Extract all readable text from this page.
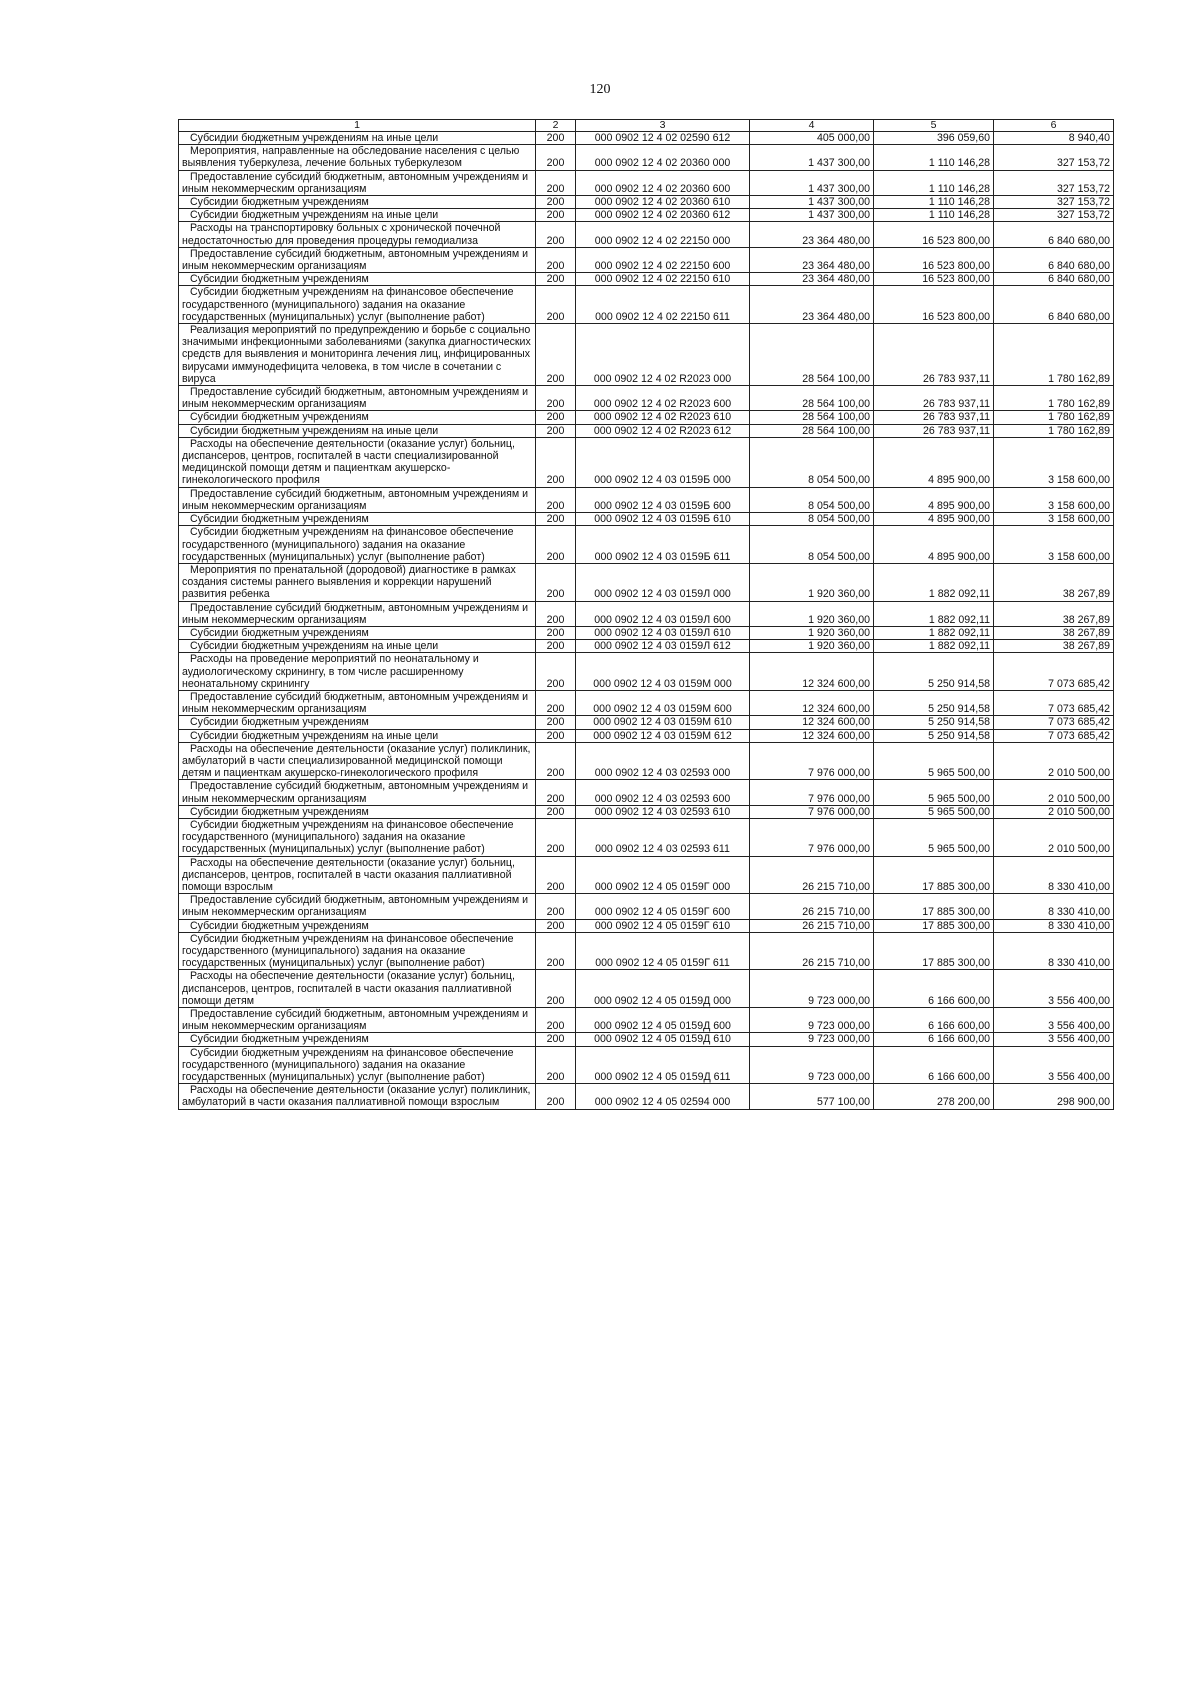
120
1	2	3	4	5	6

Субсидии бюджетным учреждениям на иные цели	200	000 0902 12 4 02 02590 612	405 000,00	396 059,60	8 940,40

Мероприятия, направленные на обследование населения с целью выявления туберкулеза, лечение больных туберкулезом	200	000 0902 12 4 02 20360 000	1 437 300,00	1 110 146,28	327 153,72

Предоставление субсидий бюджетным, автономным учреждениям и иным некоммерческим организациям	200	000 0902 12 4 02 20360 600	1 437 300,00	1 110 146,28	327 153,72

Субсидии бюджетным учреждениям	200	000 0902 12 4 02 20360 610	1 437 300,00	1 110 146,28	327 153,72

Субсидии бюджетным учреждениям на иные цели	200	000 0902 12 4 02 20360 612	1 437 300,00	1 110 146,28	327 153,72

Расходы на транспортировку больных с хронической почечной недостаточностью для проведения процедуры гемодиализа	200	000 0902 12 4 02 22150 000	23 364 480,00	16 523 800,00	6 840 680,00

Предоставление субсидий бюджетным, автономным учреждениям и иным некоммерческим организациям	200	000 0902 12 4 02 22150 600	23 364 480,00	16 523 800,00	6 840 680,00

Субсидии бюджетным учреждениям	200	000 0902 12 4 02 22150 610	23 364 480,00	16 523 800,00	6 840 680,00

Субсидии бюджетным учреждениям на финансовое обеспечение государственного (муниципального) задания на оказание государственных (муниципальных) услуг (выполнение работ)	200	000 0902 12 4 02 22150 611	23 364 480,00	16 523 800,00	6 840 680,00

Реализация мероприятий по предупреждению и борьбе с социально значимыми инфекционными заболеваниями (закупка диагностических средств для выявления и мониторинга лечения лиц, инфицированных вирусами иммунодефицита человека, в том числе в сочетании с вируса	200	000 0902 12 4 02 R2023 000	28 564 100,00	26 783 937,11	1 780 162,89

Предоставление субсидий бюджетным, автономным учреждениям и иным некоммерческим организациям	200	000 0902 12 4 02 R2023 600	28 564 100,00	26 783 937,11	1 780 162,89

Субсидии бюджетным учреждениям	200	000 0902 12 4 02 R2023 610	28 564 100,00	26 783 937,11	1 780 162,89

Субсидии бюджетным учреждениям на иные цели	200	000 0902 12 4 02 R2023 612	28 564 100,00	26 783 937,11	1 780 162,89

Расходы на обеспечение деятельности (оказание услуг) больниц, диспансеров, центров, госпиталей в части специализированной медицинской помощи детям и пациенткам акушерско-гинекологического профиля	200	000 0902 12 4 03 0159Б 000	8 054 500,00	4 895 900,00	3 158 600,00

Предоставление субсидий бюджетным, автономным учреждениям и иным некоммерческим организациям	200	000 0902 12 4 03 0159Б 600	8 054 500,00	4 895 900,00	3 158 600,00

Субсидии бюджетным учреждениям	200	000 0902 12 4 03 0159Б 610	8 054 500,00	4 895 900,00	3 158 600,00

Субсидии бюджетным учреждениям на финансовое обеспечение государственного (муниципального) задания на оказание государственных (муниципальных) услуг (выполнение работ)	200	000 0902 12 4 03 0159Б 611	8 054 500,00	4 895 900,00	3 158 600,00

Мероприятия по пренатальной (дородовой) диагностике в рамках создания системы раннего выявления и коррекции нарушений развития ребенка	200	000 0902 12 4 03 0159Л 000	1 920 360,00	1 882 092,11	38 267,89

Предоставление субсидий бюджетным, автономным учреждениям и иным некоммерческим организациям	200	000 0902 12 4 03 0159Л 600	1 920 360,00	1 882 092,11	38 267,89

Субсидии бюджетным учреждениям	200	000 0902 12 4 03 0159Л 610	1 920 360,00	1 882 092,11	38 267,89

Субсидии бюджетным учреждениям на иные цели	200	000 0902 12 4 03 0159Л 612	1 920 360,00	1 882 092,11	38 267,89

Расходы на проведение мероприятий по неонатальному и аудиологическому скринингу, в том числе расширенному неонатальному скринингу	200	000 0902 12 4 03 0159М 000	12 324 600,00	5 250 914,58	7 073 685,42

Предоставление субсидий бюджетным, автономным учреждениям и иным некоммерческим организациям	200	000 0902 12 4 03 0159М 600	12 324 600,00	5 250 914,58	7 073 685,42

Субсидии бюджетным учреждениям	200	000 0902 12 4 03 0159М 610	12 324 600,00	5 250 914,58	7 073 685,42

Субсидии бюджетным учреждениям на иные цели	200	000 0902 12 4 03 0159М 612	12 324 600,00	5 250 914,58	7 073 685,42

Расходы на обеспечение деятельности (оказание услуг) поликлиник, амбулаторий в части специализированной медицинской помощи детям и пациенткам акушерско-гинекологического профиля	200	000 0902 12 4 03 02593 000	7 976 000,00	5 965 500,00	2 010 500,00

Предоставление субсидий бюджетным, автономным учреждениям и иным некоммерческим организациям	200	000 0902 12 4 03 02593 600	7 976 000,00	5 965 500,00	2 010 500,00

Субсидии бюджетным учреждениям	200	000 0902 12 4 03 02593 610	7 976 000,00	5 965 500,00	2 010 500,00

Субсидии бюджетным учреждениям на финансовое обеспечение государственного (муниципального) задания на оказание государственных (муниципальных) услуг (выполнение работ)	200	000 0902 12 4 03 02593 611	7 976 000,00	5 965 500,00	2 010 500,00

Расходы на обеспечение деятельности (оказание услуг) больниц, диспансеров, центров, госпиталей в части оказания паллиативной помощи взрослым	200	000 0902 12 4 05 0159Г 000	26 215 710,00	17 885 300,00	8 330 410,00

Предоставление субсидий бюджетным, автономным учреждениям и иным некоммерческим организациям	200	000 0902 12 4 05 0159Г 600	26 215 710,00	17 885 300,00	8 330 410,00

Субсидии бюджетным учреждениям	200	000 0902 12 4 05 0159Г 610	26 215 710,00	17 885 300,00	8 330 410,00

Субсидии бюджетным учреждениям на финансовое обеспечение государственного (муниципального) задания на оказание государственных (муниципальных) услуг (выполнение работ)	200	000 0902 12 4 05 0159Г 611	26 215 710,00	17 885 300,00	8 330 410,00

Расходы на обеспечение деятельности (оказание услуг) больниц, диспансеров, центров, госпиталей в части оказания паллиативной помощи детям	200	000 0902 12 4 05 0159Д 000	9 723 000,00	6 166 600,00	3 556 400,00

Предоставление субсидий бюджетным, автономным учреждениям и иным некоммерческим организациям	200	000 0902 12 4 05 0159Д 600	9 723 000,00	6 166 600,00	3 556 400,00

Субсидии бюджетным учреждениям	200	000 0902 12 4 05 0159Д 610	9 723 000,00	6 166 600,00	3 556 400,00

Субсидии бюджетным учреждениям на финансовое обеспечение государственного (муниципального) задания на оказание государственных (муниципальных) услуг (выполнение работ)	200	000 0902 12 4 05 0159Д 611	9 723 000,00	6 166 600,00	3 556 400,00

Расходы на обеспечение деятельности (оказание услуг) поликлиник, амбулаторий в части оказания паллиативной помощи взрослым	200	000 0902 12 4 05 02594 000	577 100,00	278 200,00	298 900,00
